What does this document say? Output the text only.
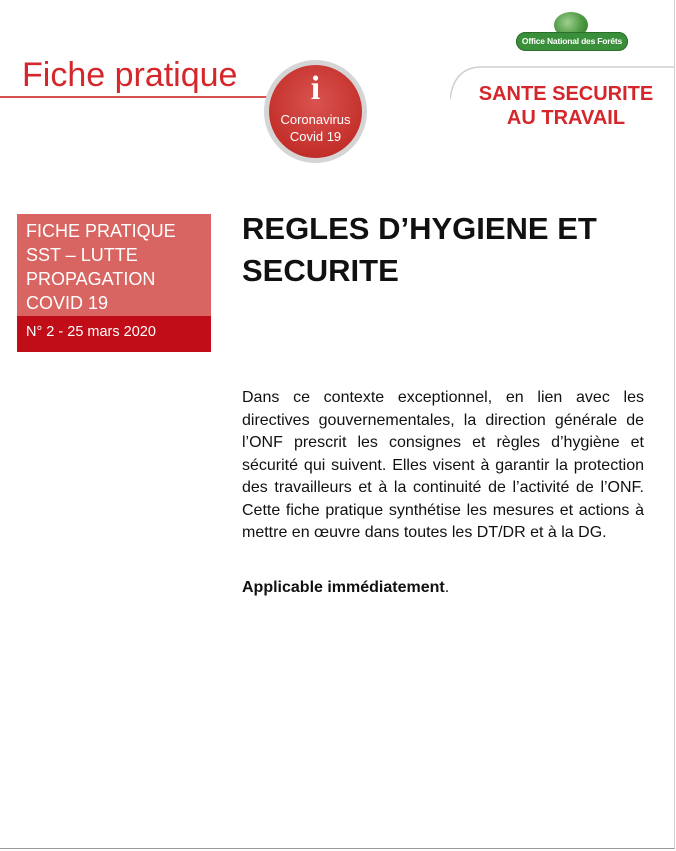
Office National des Forêts
Fiche pratique	i
Coronavirus
Covid 19
SANTE SECURITE
AU TRAVAIL
FICHE PRATIQUE
SST – LUTTE
PROPAGATION
COVID 19
N° 2 - 25 mars 2020
REGLES D’HYGIENE ET
SECURITE
Dans ce contexte exceptionnel, en lien avec les directives gouvernementales, la direction générale de l’ONF prescrit les consignes et règles d’hygiène et sécurité qui suivent. Elles visent à garantir la protection des travailleurs et à la continuité de l’activité de l’ONF. Cette fiche pratique synthétise les mesures et actions à mettre en œuvre dans toutes les DT/DR et à la DG.
Applicable immédiatement.
